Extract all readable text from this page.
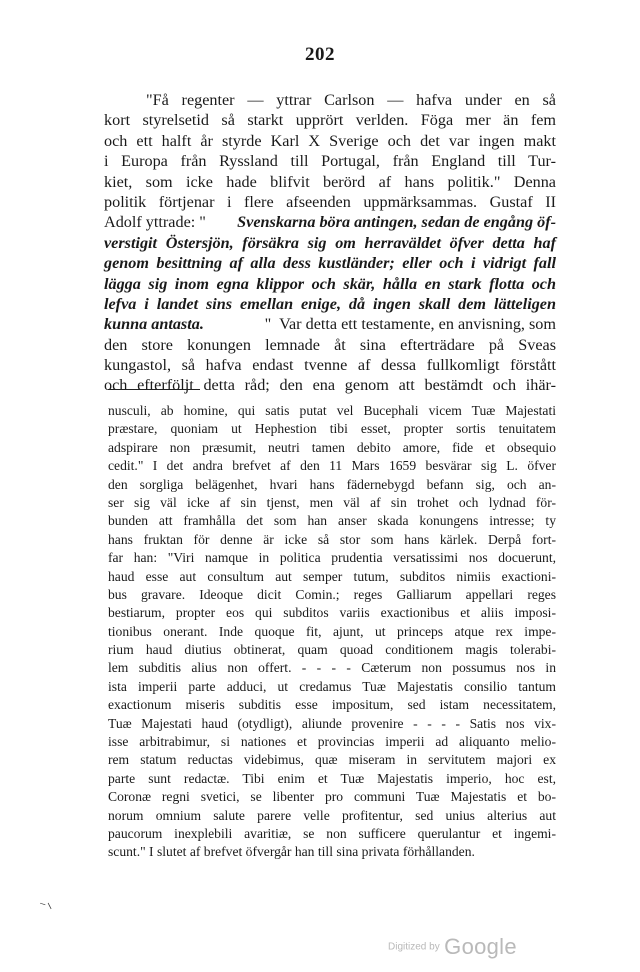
202
"Få regenter — yttrar Carlson — hafva under en så
kort styrelsetid så starkt upprört verlden. Föga mer än fem
och ett halft år styrde Karl X Sverige och det var ingen makt
i Europa från Ryssland till Portugal, från England till Tur-
kiet, som icke hade blifvit berörd af hans politik." Denna
politik förtjenar i flere afseenden uppmärksammas. Gustaf II
Adolf yttrade: " Svenskarna böra antingen, sedan de engång öf-
verstigit Östersjön, försäkra sig om herraväldet öfver detta haf
genom besittning af alla dess kustländer; eller och i vidrigt fall
lägga sig inom egna klippor och skär, hålla en stark flotta och
lefva i landet sins emellan enige, då ingen skall dem lätteligen
kunna antasta.	"  Var detta ett testamente, en anvisning, som
den store konungen lemnade åt sina efterträdare på Sveas
kungastol, så hafva endast tvenne af dessa fullkomligt förstått
och efterföljt detta råd; den ena genom att bestämdt och ihär-
nusculi, ab homine, qui satis putat vel Bucephali vicem Tuæ Majestati
præstare, quoniam ut Hephestion tibi esset, propter sortis tenuitatem
adspirare non præsumit, neutri tamen debito amore, fide et obsequio
cedit." I det andra brefvet af den 11 Mars 1659 besvärar sig L. öfver
den sorgliga belägenhet, hvari hans fädernebygd befann sig, och an-
ser sig väl icke af sin tjenst, men väl af sin trohet och lydnad för-
bunden att framhålla det som han anser skada konungens intresse; ty
hans fruktan för denne är icke så stor som hans kärlek. Derpå fort-
far han: "Viri namque in politica prudentia versatissimi nos docuerunt,
haud esse aut consultum aut semper tutum, subditos nimiis exactioni-
bus gravare. Ideoque dicit Comin.; reges Galliarum appellari reges
bestiarum, propter eos qui subditos variis exactionibus et aliis imposi-
tionibus onerant. Inde quoque fit, ajunt, ut princeps atque rex impe-
rium haud diutius obtinerat, quam quoad conditionem magis tolerabi-
lem subditis alius non offert. - - - - Cæterum non possumus nos in
ista imperii parte adduci, ut credamus Tuæ Majestatis consilio tantum
exactionum miseris subditis esse impositum, sed istam necessitatem,
Tuæ Majestati haud (otydligt), aliunde provenire - - - - Satis nos vix-
isse arbitrabimur, si nationes et provincias imperii ad aliquanto melio-
rem statum reductas videbimus, quæ miseram in servitutem majori ex
parte sunt redactæ. Tibi enim et Tuæ Majestatis imperio, hoc est,
Coronæ regni svetici, se libenter pro communi Tuæ Majestatis et bo-
norum omnium salute parere velle profitentur, sed unius alterius aut
paucorum inexplebili avaritiæ, se non sufficere querulantur et ingemi-
scunt." I slutet af brefvet öfvergår han till sina privata förhållanden.
⁻⸌
Digitized by Google
